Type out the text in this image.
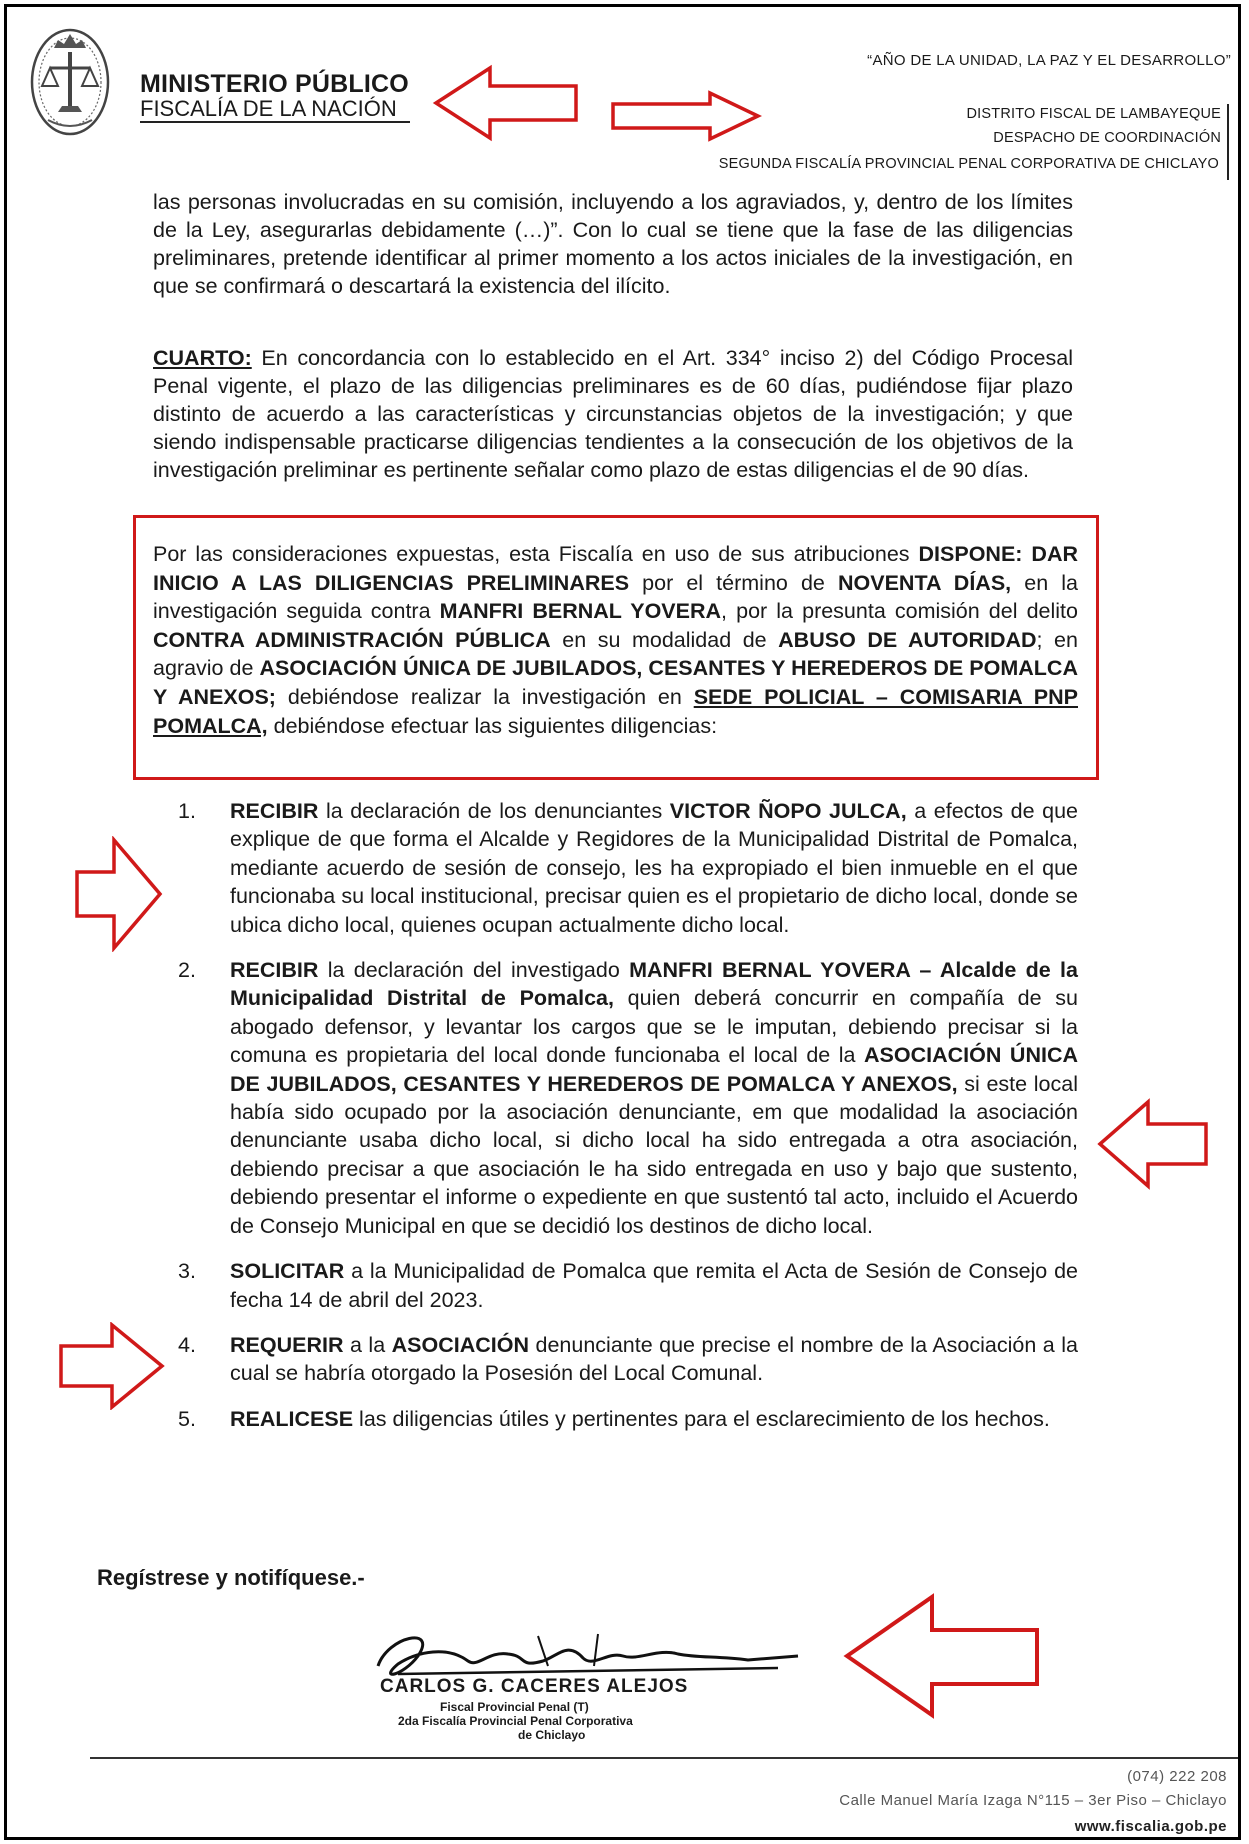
MINISTERIO PÚBLICO
FISCALÍA DE LA NACIÓN
“AÑO DE LA UNIDAD, LA PAZ Y EL DESARROLLO”
DISTRITO FISCAL DE LAMBAYEQUE
DESPACHO DE COORDINACIÓN
SEGUNDA FISCALÍA PROVINCIAL PENAL CORPORATIVA DE CHICLAYO
las personas involucradas en su comisión, incluyendo a los agraviados, y, dentro de los límites de la Ley, asegurarlas debidamente (…)”. Con lo cual se tiene que la fase de las diligencias preliminares, pretende identificar al primer momento a los actos iniciales de la investigación, en que se confirmará o descartará la existencia del ilícito.
CUARTO: En concordancia con lo establecido en el Art. 334° inciso 2) del Código Procesal Penal vigente, el plazo de las diligencias preliminares es de 60 días, pudiéndose fijar plazo distinto de acuerdo a las características y circunstancias objetos de la investigación; y que siendo indispensable practicarse diligencias tendientes a la consecución de los objetivos de la investigación preliminar es pertinente señalar como plazo de estas diligencias el de 90 días.
Por las consideraciones expuestas, esta Fiscalía en uso de sus atribuciones DISPONE: DAR INICIO A LAS DILIGENCIAS PRELIMINARES por el término de NOVENTA DÍAS, en la investigación seguida contra MANFRI BERNAL YOVERA, por la presunta comisión del delito CONTRA ADMINISTRACIÓN PÚBLICA en su modalidad de ABUSO DE AUTORIDAD; en agravio de ASOCIACIÓN ÚNICA DE JUBILADOS, CESANTES Y HEREDEROS DE POMALCA Y ANEXOS; debiéndose realizar la investigación en SEDE POLICIAL – COMISARIA PNP POMALCA, debiéndose efectuar las siguientes diligencias:
1. RECIBIR la declaración de los denunciantes VICTOR ÑOPO JULCA, a efectos de que explique de que forma el Alcalde y Regidores de la Municipalidad Distrital de Pomalca, mediante acuerdo de sesión de consejo, les ha expropiado el bien inmueble en el que funcionaba su local institucional, precisar quien es el propietario de dicho local, donde se ubica dicho local, quienes ocupan actualmente dicho local.
2. RECIBIR la declaración del investigado MANFRI BERNAL YOVERA – Alcalde de la Municipalidad Distrital de Pomalca, quien deberá concurrir en compañía de su abogado defensor, y levantar los cargos que se le imputan, debiendo precisar si la comuna es propietaria del local donde funcionaba el local de la ASOCIACIÓN ÚNICA DE JUBILADOS, CESANTES Y HEREDEROS DE POMALCA Y ANEXOS, si este local había sido ocupado por la asociación denunciante, em que modalidad la asociación denunciante usaba dicho local, si dicho local ha sido entregada a otra asociación, debiendo precisar a que asociación le ha sido entregada en uso y bajo que sustento, debiendo presentar el informe o expediente en que sustentó tal acto, incluido el Acuerdo de Consejo Municipal en que se decidió los destinos de dicho local.
3. SOLICITAR a la Municipalidad de Pomalca que remita el Acta de Sesión de Consejo de fecha 14 de abril del 2023.
4. REQUERIR a la ASOCIACIÓN denunciante que precise el nombre de la Asociación a la cual se habría otorgado la Posesión del Local Comunal.
5. REALICESE las diligencias útiles y pertinentes para el esclarecimiento de los hechos.
Regístrese y notifíquese.-
CARLOS G. CACERES ALEJOS
Fiscal Provincial Penal (T)
2da Fiscalía Provincial Penal Corporativa
de Chiclayo
(074) 222 208
Calle Manuel María Izaga N°115 – 3er Piso – Chiclayo
www.fiscalia.gob.pe
